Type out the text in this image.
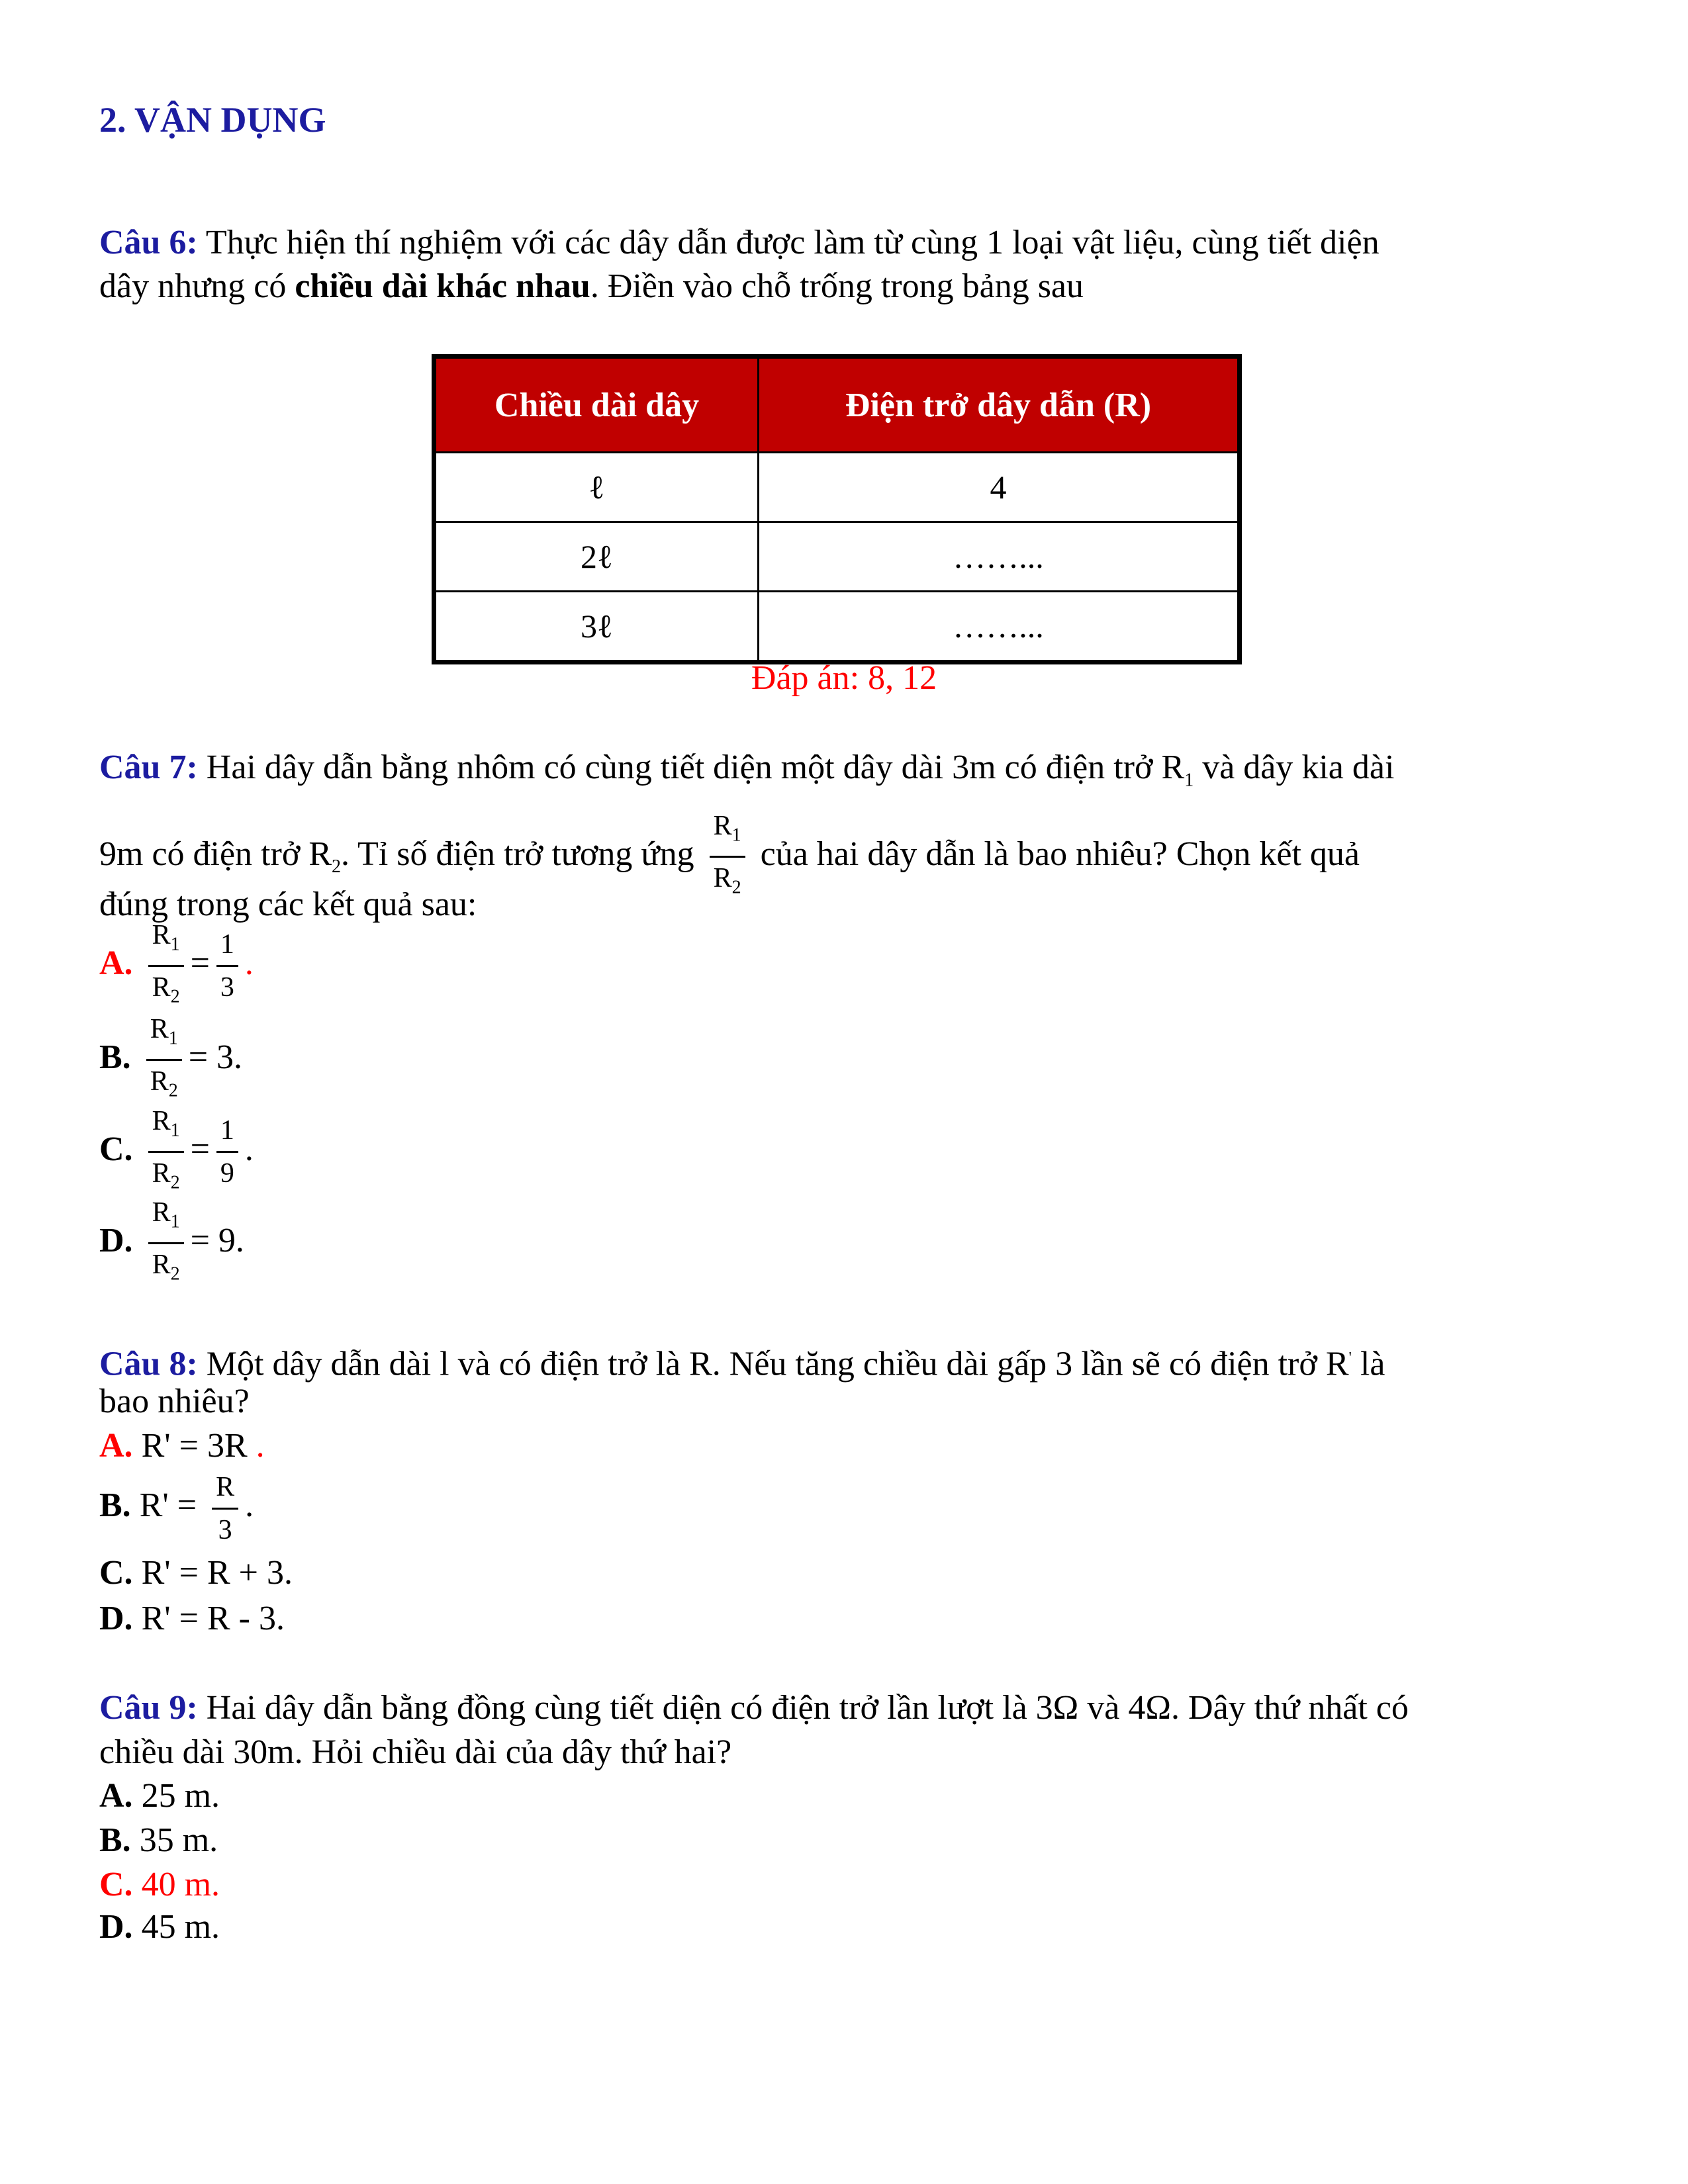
2. VẬN DỤNG
Câu 6: Thực hiện thí nghiệm với các dây dẫn được làm từ cùng 1 loại vật liệu, cùng tiết diện
dây nhưng có chiều dài khác nhau. Điền vào chỗ trống trong bảng sau
Chiều dài dây	Điện trở dây dẫn (R)
ℓ	4
2ℓ	……...
3ℓ	……...
Đáp án: 8, 12
Câu 7: Hai dây dẫn bằng nhôm có cùng tiết diện một dây dài 3m có điện trở $R_1$ và dây kia dài
9m có điện trở $R_2$. Tỉ số điện trở tương ứng $\frac{R_1}{R_2}$ của hai dây dẫn là bao nhiêu? Chọn kết quả
đúng trong các kết quả sau:
A. $\frac{R_1}{R_2} = \frac{1}{3}$ .
B. $\frac{R_1}{R_2} = 3$.
C. $\frac{R_1}{R_2} = \frac{1}{9}$ .
D. $\frac{R_1}{R_2} = 9$.
Câu 8: Một dây dẫn dài l và có điện trở là R. Nếu tăng chiều dài gấp 3 lần sẽ có điện trở R' là
bao nhiêu?
A. R' = 3R .
B. $R' = \frac{R}{3}$ .
C. R' = R + 3.
D. R' = R - 3.
Câu 9: Hai dây dẫn bằng đồng cùng tiết diện có điện trở lần lượt là 3Ω và 4Ω. Dây thứ nhất có
chiều dài 30m. Hỏi chiều dài của dây thứ hai?
A. 25 m.
B. 35 m.
C. 40 m.
D. 45 m.
